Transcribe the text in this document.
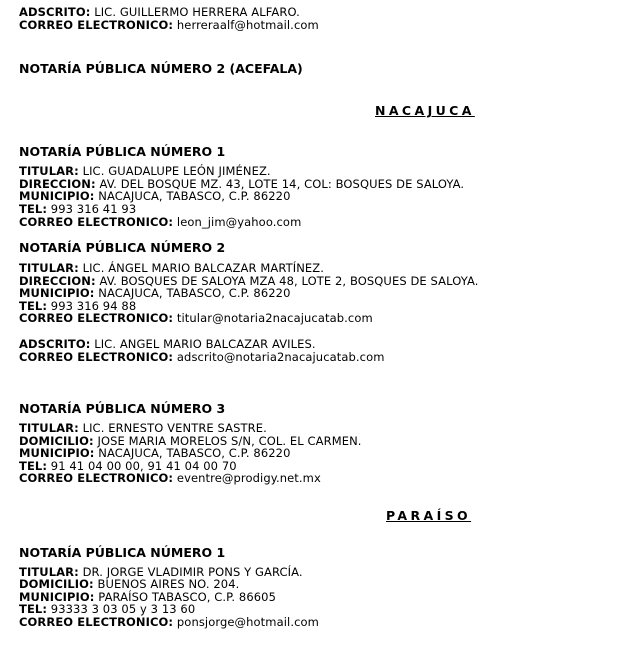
ADSCRITO: LIC. GUILLERMO HERRERA ALFARO.
CORREO ELECTRONICO: herreraalf@hotmail.com
NOTARÍA PÚBLICA NÚMERO 2 (ACEFALA)
NACAJUCA
NOTARÍA PÚBLICA NÚMERO 1
TITULAR: LIC. GUADALUPE LEÓN JIMÉNEZ.
DIRECCION: AV. DEL BOSQUE MZ. 43, LOTE 14, COL: BOSQUES DE SALOYA.
MUNICIPIO: NACAJUCA, TABASCO, C.P. 86220
TEL: 993 316 41 93
CORREO ELECTRONICO: leon_jim@yahoo.com
NOTARÍA PÚBLICA NÚMERO 2
TITULAR: LIC. ÁNGEL MARIO BALCAZAR MARTÍNEZ.
DIRECCION: AV. BOSQUES DE SALOYA MZA 48, LOTE 2, BOSQUES DE SALOYA.
MUNICIPIO: NACAJUCA, TABASCO, C.P. 86220
TEL: 993 316 94 88
CORREO ELECTRONICO: titular@notaria2nacajucatab.com
ADSCRITO: LIC. ANGEL MARIO BALCAZAR AVILES.
CORREO ELECTRONICO: adscrito@notaria2nacajucatab.com
NOTARÍA PÚBLICA NÚMERO 3
TITULAR: LIC. ERNESTO VENTRE SASTRE.
DOMICILIO: JOSE MARIA MORELOS S/N, COL. EL CARMEN.
MUNICIPIO: NACAJUCA, TABASCO, C.P. 86220
TEL: 91 41 04 00 00, 91 41 04 00 70
CORREO ELECTRONICO: eventre@prodigy.net.mx
PARAÍSO
NOTARÍA PÚBLICA NÚMERO 1
TITULAR: DR. JORGE VLADIMIR PONS Y GARCÍA.
DOMICILIO: BUENOS AIRES NO. 204.
MUNICIPIO: PARAÍSO TABASCO, C.P. 86605
TEL: 93333 3 03 05 y 3 13 60
CORREO ELECTRONICO: ponsjorge@hotmail.com
